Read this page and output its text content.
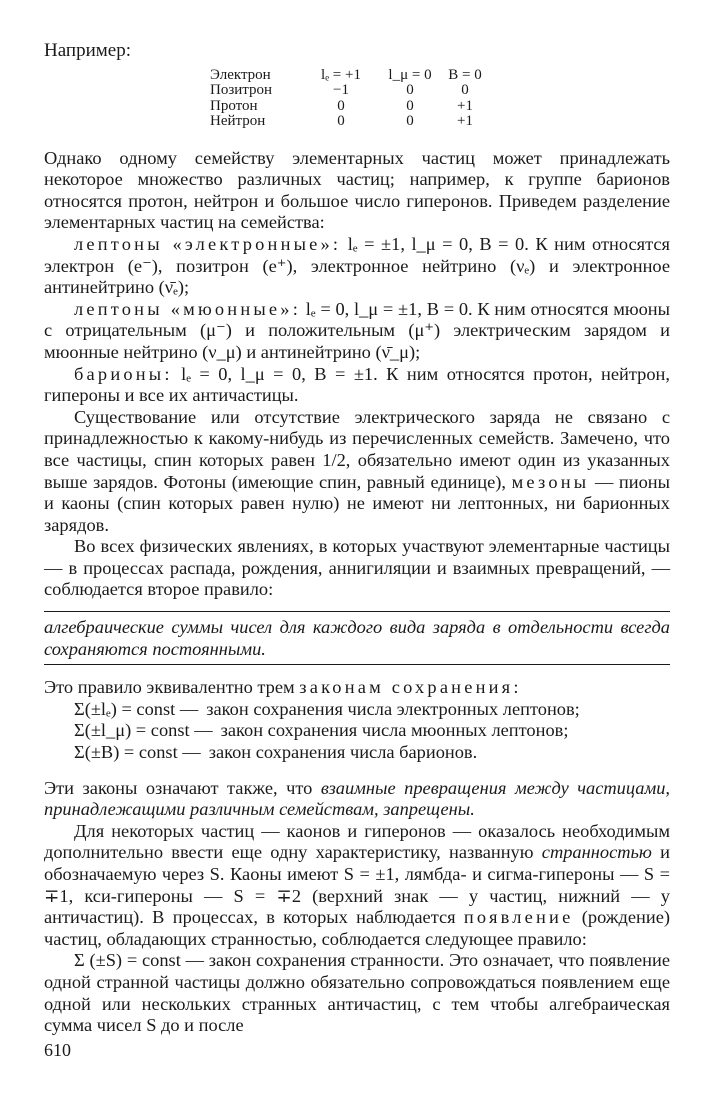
Например:
Электрон	lₑ = +1	l_μ = 0	B = 0
Позитрон	−1	0	0
Протон	0	0	+1
Нейтрон	0	0	+1

Однако одному семейству элементарных частиц может принадлежать некоторое множество различных частиц; например, к группе барионов относятся протон, нейтрон и большое число гиперонов. Приведем разделение элементарных частиц на семейства:

лептоны «электронные»: lₑ = ±1, l_μ = 0, B = 0. К ним относятся электрон (e⁻), позитрон (e⁺), электронное нейтрино (νₑ) и электронное антинейтрино (ν̄ₑ);

лептоны «мюонные»: lₑ = 0, l_μ = ±1, B = 0. К ним относятся мюоны с отрицательным (μ⁻) и положительным (μ⁺) электрическим зарядом и мюонные нейтрино (ν_μ) и антинейтрино (ν̄_μ);

барионы: lₑ = 0, l_μ = 0, B = ±1. К ним относятся протон, нейтрон, гипероны и все их античастицы.

Существование или отсутствие электрического заряда не связано с принадлежностью к какому-нибудь из перечисленных семейств. Замечено, что все частицы, спин которых равен 1/2, обязательно имеют один из указанных выше зарядов. Фотоны (имеющие спин, равный единице), мезоны — пионы и каоны (спин которых равен нулю) не имеют ни лептонных, ни барионных зарядов.

Во всех физических явлениях, в которых участвуют элементарные частицы — в процессах распада, рождения, аннигиляции и взаимных превращений, — соблюдается второе правило:

алгебраические суммы чисел для каждого вида заряда в отдельности всегда сохраняются постоянными.

Это правило эквивалентно трем законам сохранения:

Σ(±lₑ) = const — закон сохранения числа электронных лептонов;
Σ(±l_μ) = const — закон сохранения числа мюонных лептонов;
Σ(±B) = const — закон сохранения числа барионов.

Эти законы означают также, что взаимные превращения между частицами, принадлежащими различным семействам, запрещены.

Для некоторых частиц — каонов и гиперонов — оказалось необходимым дополнительно ввести еще одну характеристику, названную странностью и обозначаемую через S. Каоны имеют S = ±1, лямбда- и сигма-гипероны — S = ∓1, кси-гипероны — S = ∓2 (верхний знак — у частиц, нижний — у античастиц). В процессах, в которых наблюдается появление (рождение) частиц, обладающих странностью, соблюдается следующее правило:

Σ (±S) = const — закон сохранения странности. Это означает, что появление одной странной частицы должно обязательно сопровождаться появлением еще одной или нескольких странных античастиц, с тем чтобы алгебраическая сумма чисел S до и после

610
